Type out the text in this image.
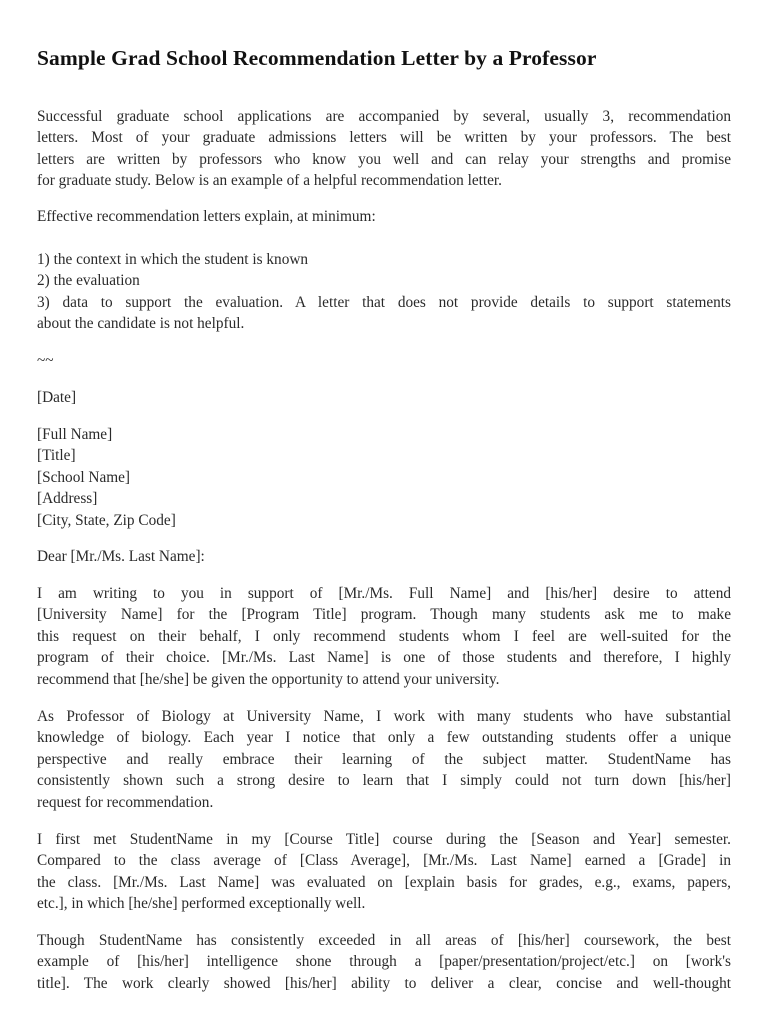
Sample Grad School Recommendation Letter by a Professor
Successful graduate school applications are accompanied by several, usually 3, recommendation
letters. Most of your graduate admissions letters will be written by your professors. The best
letters are written by professors who know you well and can relay your strengths and promise
for graduate study. Below is an example of a helpful recommendation letter.
Effective recommendation letters explain, at minimum:
1) the context in which the student is known
2) the evaluation
3) data to support the evaluation. A letter that does not provide details to support statements
about the candidate is not helpful.
~~
[Date]
[Full Name]
[Title]
[School Name]
[Address]
[City, State, Zip Code]
Dear [Mr./Ms. Last Name]:
I am writing to you in support of [Mr./Ms. Full Name] and [his/her] desire to attend
[University Name] for the [Program Title] program. Though many students ask me to make
this request on their behalf, I only recommend students whom I feel are well-suited for the
program of their choice. [Mr./Ms. Last Name] is one of those students and therefore, I highly
recommend that [he/she] be given the opportunity to attend your university.
As Professor of Biology at University Name, I work with many students who have substantial
knowledge of biology. Each year I notice that only a few outstanding students offer a unique
perspective and really embrace their learning of the subject matter. StudentName has
consistently shown such a strong desire to learn that I simply could not turn down [his/her]
request for recommendation.
I first met StudentName in my [Course Title] course during the [Season and Year] semester.
Compared to the class average of [Class Average], [Mr./Ms. Last Name] earned a [Grade] in
the class. [Mr./Ms. Last Name] was evaluated on [explain basis for grades, e.g., exams, papers,
etc.], in which [he/she] performed exceptionally well.
Though StudentName has consistently exceeded in all areas of [his/her] coursework, the best
example of [his/her] intelligence shone through a [paper/presentation/project/etc.] on [work's
title]. The work clearly showed [his/her] ability to deliver a clear, concise and well-thought
